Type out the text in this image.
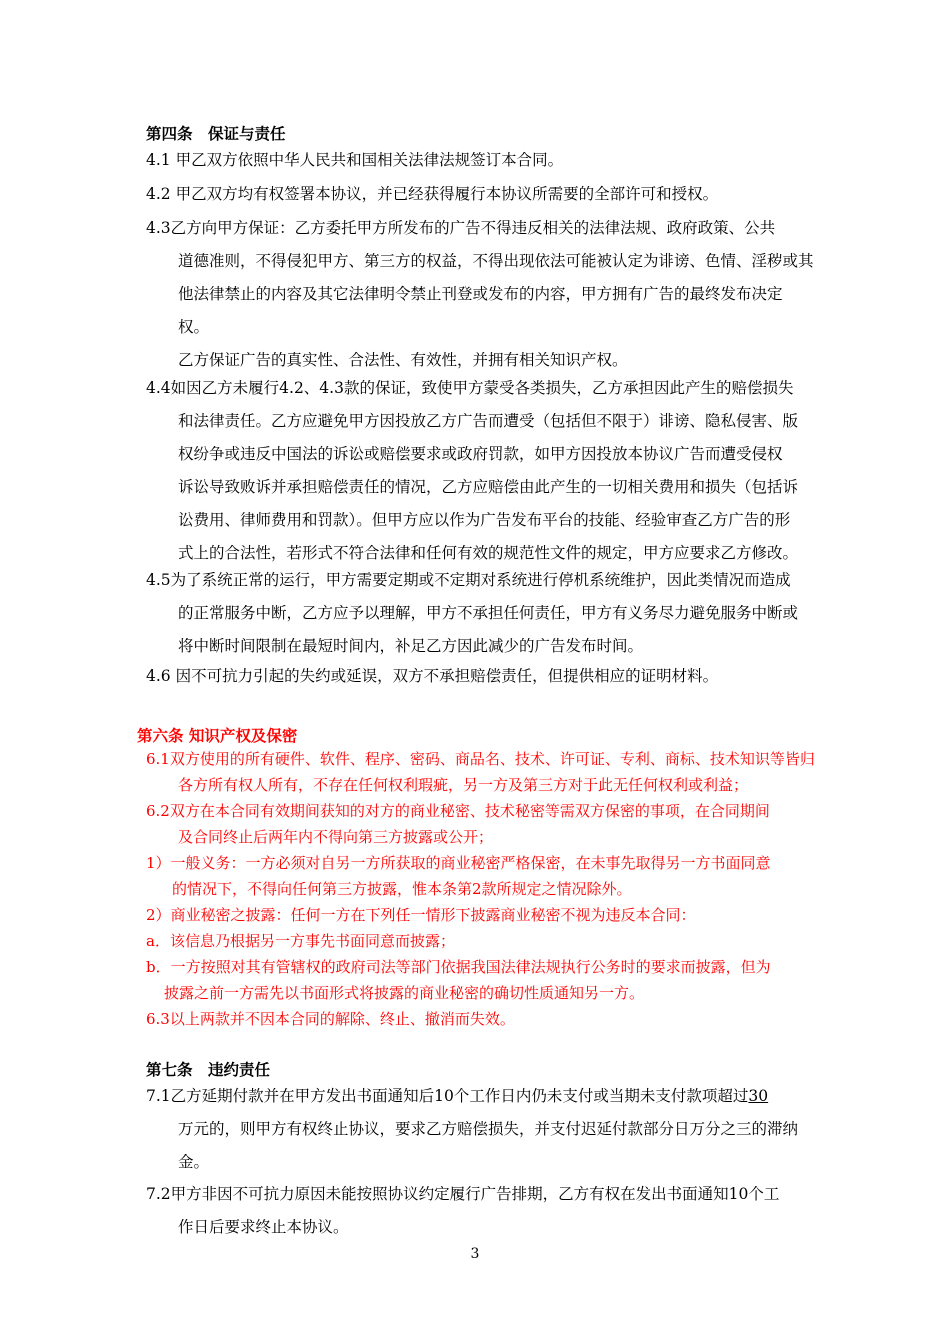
第四条　保证与责任
4.1 甲乙双方依照中华人民共和国相关法律法规签订本合同。
4.2 甲乙双方均有权签署本协议，并已经获得履行本协议所需要的全部许可和授权。
4.3乙方向甲方保证：乙方委托甲方所发布的广告不得违反相关的法律法规、政府政策、公共
道德准则，不得侵犯甲方、第三方的权益，不得出现依法可能被认定为诽谤、色情、淫秽或其
他法律禁止的内容及其它法律明令禁止刊登或发布的内容，甲方拥有广告的最终发布决定
权。
乙方保证广告的真实性、合法性、有效性，并拥有相关知识产权。
4.4如因乙方未履行4.2、4.3款的保证，致使甲方蒙受各类损失，乙方承担因此产生的赔偿损失
和法律责任。乙方应避免甲方因投放乙方广告而遭受（包括但不限于）诽谤、隐私侵害、版
权纷争或违反中国法的诉讼或赔偿要求或政府罚款，如甲方因投放本协议广告而遭受侵权
诉讼导致败诉并承担赔偿责任的情况，乙方应赔偿由此产生的一切相关费用和损失（包括诉
讼费用、律师费用和罚款）。但甲方应以作为广告发布平台的技能、经验审查乙方广告的形
式上的合法性，若形式不符合法律和任何有效的规范性文件的规定，甲方应要求乙方修改。
4.5为了系统正常的运行，甲方需要定期或不定期对系统进行停机系统维护，因此类情况而造成
的正常服务中断，乙方应予以理解，甲方不承担任何责任，甲方有义务尽力避免服务中断或
将中断时间限制在最短时间内，补足乙方因此减少的广告发布时间。
4.6 因不可抗力引起的失约或延误，双方不承担赔偿责任，但提供相应的证明材料。
第六条 知识产权及保密
6.1双方使用的所有硬件、软件、程序、密码、商品名、技术、许可证、专利、商标、技术知识等皆归
各方所有权人所有，不存在任何权利瑕疵，另一方及第三方对于此无任何权利或利益；
6.2双方在本合同有效期间获知的对方的商业秘密、技术秘密等需双方保密的事项，在合同期间
及合同终止后两年内不得向第三方披露或公开；
1）一般义务：一方必须对自另一方所获取的商业秘密严格保密，在未事先取得另一方书面同意
的情况下，不得向任何第三方披露，惟本条第2款所规定之情况除外。
2）商业秘密之披露：任何一方在下列任一情形下披露商业秘密不视为违反本合同：
a．该信息乃根据另一方事先书面同意而披露；
b．一方按照对其有管辖权的政府司法等部门依据我国法律法规执行公务时的要求而披露，但为
披露之前一方需先以书面形式将披露的商业秘密的确切性质通知另一方。
6.3以上两款并不因本合同的解除、终止、撤消而失效。
第七条　违约责任
7.1乙方延期付款并在甲方发出书面通知后10个工作日内仍未支付或当期未支付款项超过30
万元的，则甲方有权终止协议，要求乙方赔偿损失，并支付迟延付款部分日万分之三的滞纳
金。
7.2甲方非因不可抗力原因未能按照协议约定履行广告排期，乙方有权在发出书面通知10个工
作日后要求终止本协议。
3
